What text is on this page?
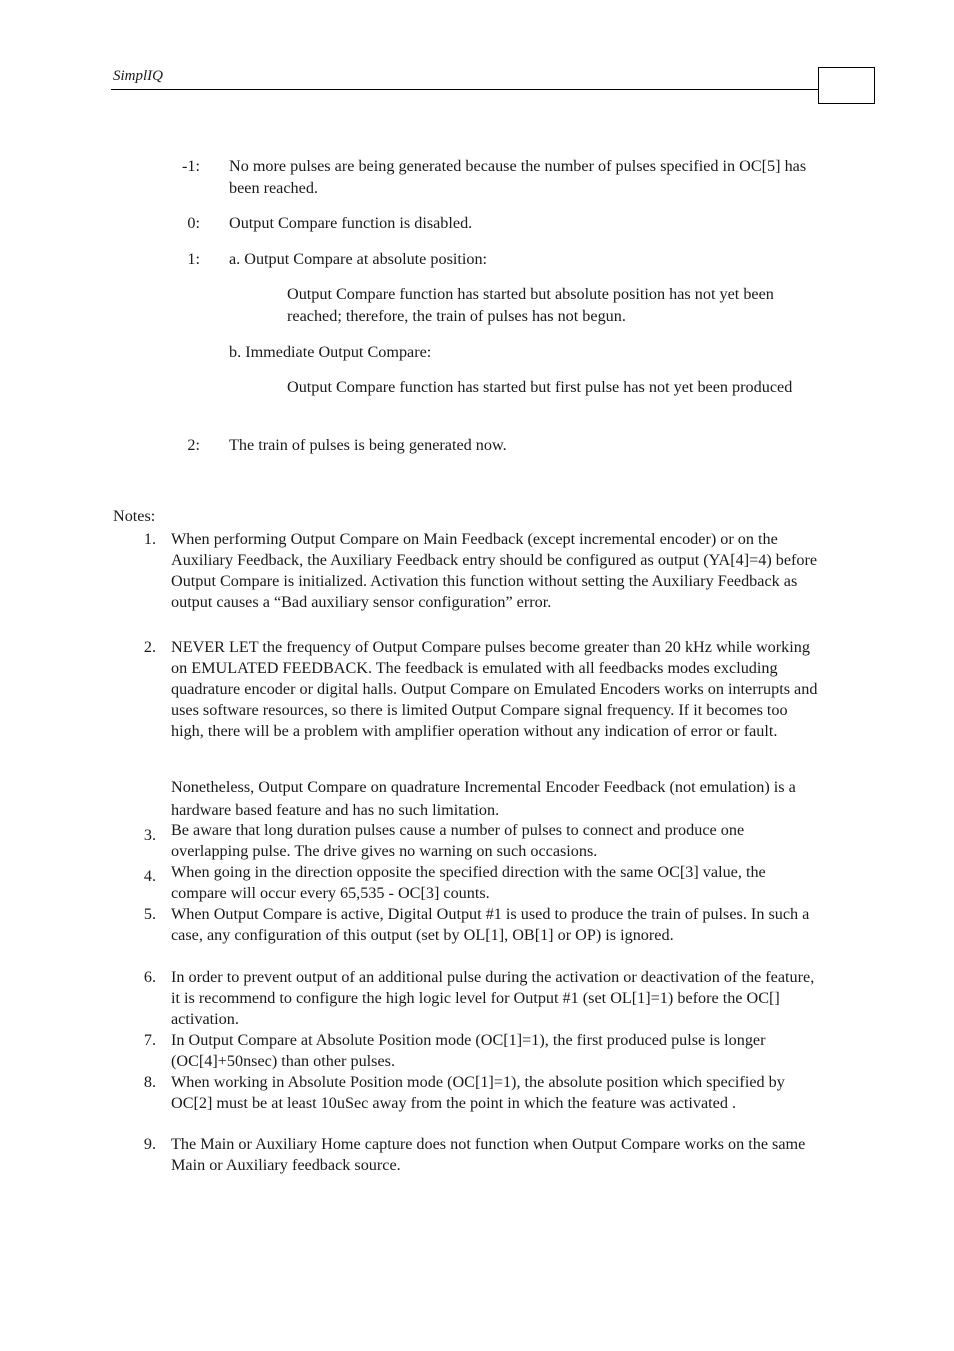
SimplIQ
-1: No more pulses are being generated because the number of pulses specified in OC[5] has been reached.
0: Output Compare function is disabled.
1: a. Output Compare at absolute position:
Output Compare function has started but absolute position has not yet been reached; therefore, the train of pulses has not begun.
b. Immediate Output Compare:
Output Compare function has started but first pulse has not yet been produced
2: The train of pulses is being generated now.
Notes:
1. When performing Output Compare on Main Feedback (except incremental encoder) or on the Auxiliary Feedback, the Auxiliary Feedback entry should be configured as output (YA[4]=4) before Output Compare is initialized. Activation this function without setting the Auxiliary Feedback as output causes a “Bad auxiliary sensor configuration” error.
2. NEVER LET the frequency of Output Compare pulses become greater than 20 kHz while working on EMULATED FEEDBACK. The feedback is emulated with all feedbacks modes excluding quadrature encoder or digital halls. Output Compare on Emulated Encoders works on interrupts and uses software resources, so there is limited Output Compare signal frequency. If it becomes too high, there will be a problem with amplifier operation without any indication of error or fault.
Nonetheless, Output Compare on quadrature Incremental Encoder Feedback (not emulation) is a hardware based feature and has no such limitation.
3. Be aware that long duration pulses cause a number of pulses to connect and produce one overlapping pulse. The drive gives no warning on such occasions.
4. When going in the direction opposite the specified direction with the same OC[3] value, the compare will occur every 65,535 - OC[3] counts.
5. When Output Compare is active, Digital Output #1 is used to produce the train of pulses. In such a case, any configuration of this output (set by OL[1], OB[1] or OP) is ignored.
6. In order to prevent output of an additional pulse during the activation or deactivation of the feature, it is recommend to configure the high logic level for Output #1 (set OL[1]=1) before the OC[] activation.
7. In Output Compare at Absolute Position mode (OC[1]=1), the first produced pulse is longer (OC[4]+50nsec) than other pulses.
8. When working in Absolute Position mode (OC[1]=1), the absolute position which specified by OC[2] must be at least 10uSec away from the point in which the feature was activated .
9. The Main or Auxiliary Home capture does not function when Output Compare works on the same Main or Auxiliary feedback source.
